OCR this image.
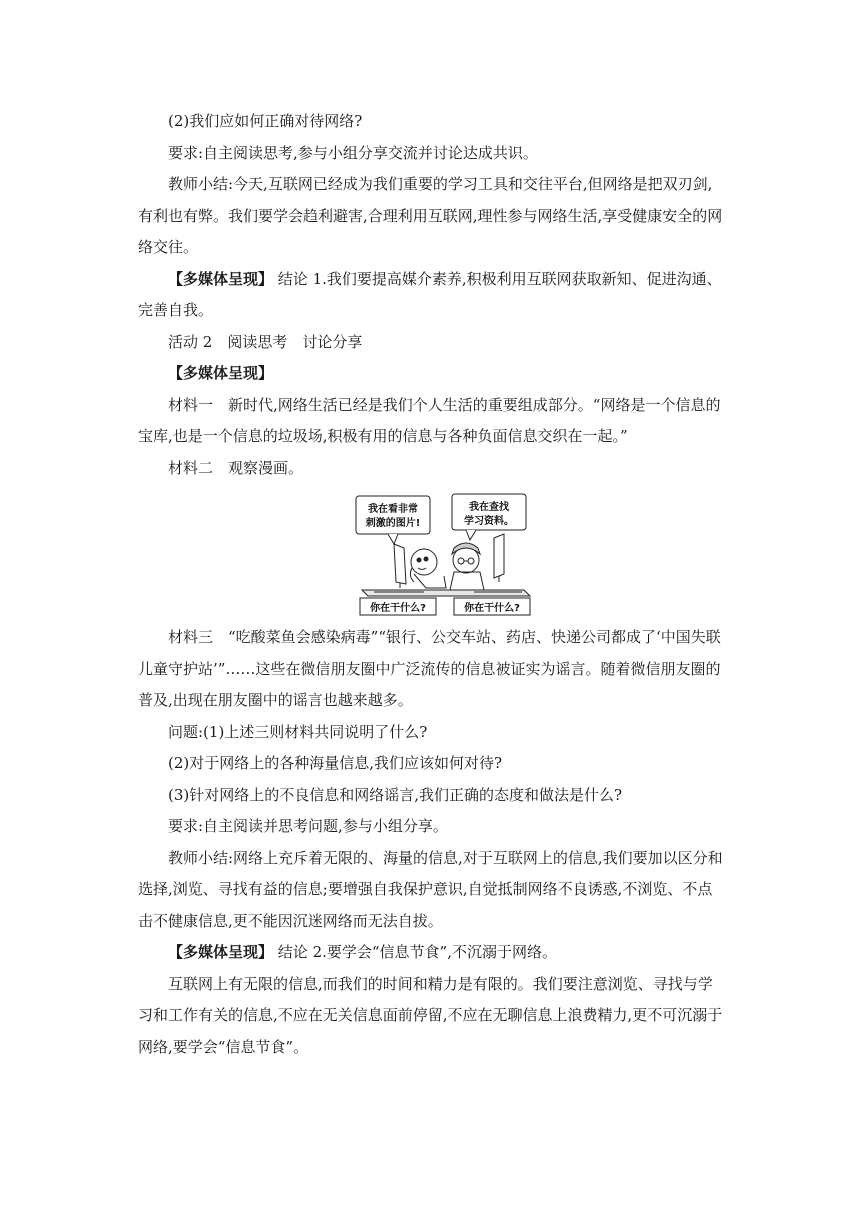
(2)我们应如何正确对待网络?

要求:自主阅读思考,参与小组分享交流并讨论达成共识。

教师小结:今天,互联网已经成为我们重要的学习工具和交往平台,但网络是把双刃剑,有利也有弊。我们要学会趋利避害,合理利用互联网,理性参与网络生活,享受健康安全的网络交往。

【多媒体呈现】 结论 1.我们要提高媒介素养,积极利用互联网获取新知、促进沟通、完善自我。

活动 2 阅读思考 讨论分享

【多媒体呈现】

材料一 新时代,网络生活已经是我们个人生活的重要组成部分。“网络是一个信息的宝库,也是一个信息的垃圾场,积极有用的信息与各种负面信息交织在一起。”

材料二 观察漫画。

我在看非常
刺激的图片!
我在查找
学习资料。
你在干什么?	你在干什么?

材料三 “吃酸菜鱼会感染病毒”“银行、公交车站、药店、快递公司都成了‘中国失联儿童守护站’”……这些在微信朋友圈中广泛流传的信息被证实为谣言。随着微信朋友圈的普及,出现在朋友圈中的谣言也越来越多。

问题:(1)上述三则材料共同说明了什么?

(2)对于网络上的各种海量信息,我们应该如何对待?

(3)针对网络上的不良信息和网络谣言,我们正确的态度和做法是什么?

要求:自主阅读并思考问题,参与小组分享。

教师小结:网络上充斥着无限的、海量的信息,对于互联网上的信息,我们要加以区分和选择,浏览、寻找有益的信息;要增强自我保护意识,自觉抵制网络不良诱惑,不浏览、不点击不健康信息,更不能因沉迷网络而无法自拔。

【多媒体呈现】 结论 2.要学会“信息节食”,不沉溺于网络。

互联网上有无限的信息,而我们的时间和精力是有限的。我们要注意浏览、寻找与学习和工作有关的信息,不应在无关信息面前停留,不应在无聊信息上浪费精力,更不可沉溺于网络,要学会“信息节食”。
